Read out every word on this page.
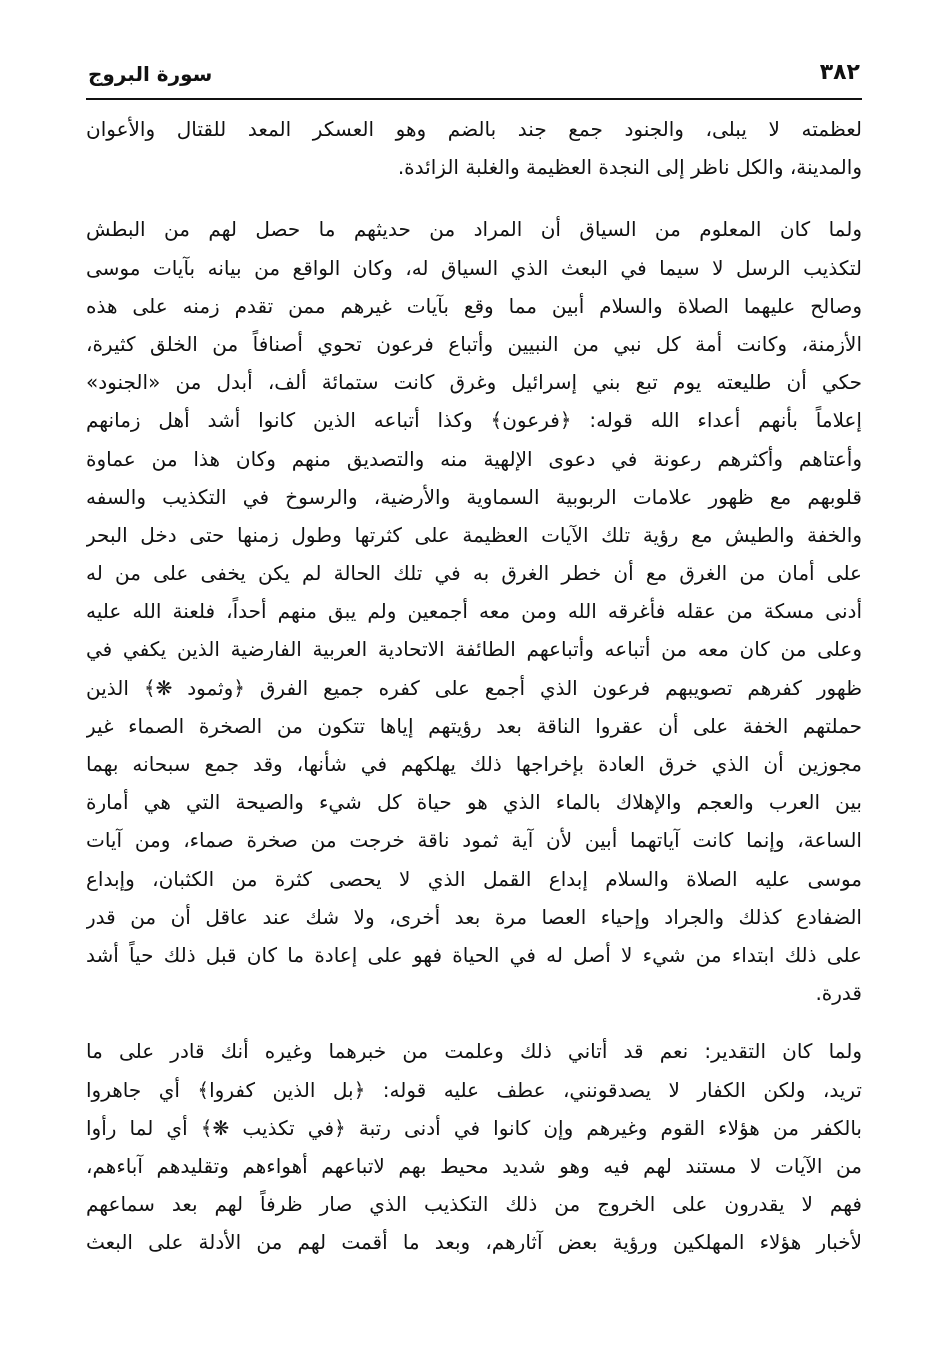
سورة البروج	٣٨٢
لعظمته لا يبلى، والجنود جمع جند بالضم وهو العسكر المعد للقتال والأعوان
والمدينة، والكل ناظر إلى النجدة العظيمة والغلبة الزائدة.
ولما كان المعلوم من السياق أن المراد من حديثهم ما حصل لهم من البطش
لتكذيب الرسل لا سيما في البعث الذي السياق له، وكان الواقع من بيانه بآيات موسى
وصالح عليهما الصلاة والسلام أبين مما وقع بآيات غيرهم ممن تقدم زمنه على هذه
الأزمنة، وكانت أمة كل نبي من النبيين وأتباع فرعون تحوي أصنافاً من الخلق كثيرة،
حكي أن طليعته يوم تبع بني إسرائيل وغرق كانت ستمائة ألف، أبدل من «الجنود»
إعلاماً بأنهم أعداء الله قوله: ﴿فرعون﴾ وكذا أتباعه الذين كانوا أشد أهل زمانهم
وأعتاهم وأكثرهم رعونة في دعوى الإلهية منه والتصديق منهم وكان هذا من عماوة
قلوبهم مع ظهور علامات الربوبية السماوية والأرضية، والرسوخ في التكذيب والسفه
والخفة والطيش مع رؤية تلك الآيات العظيمة على كثرتها وطول زمنها حتى دخل البحر
على أمان من الغرق مع أن خطر الغرق به في تلك الحالة لم يكن يخفى على من له
أدنى مسكة من عقله فأغرقه الله ومن معه أجمعين ولم يبق منهم أحداً، فلعنة الله عليه
وعلى من كان معه من أتباعه وأتباعهم الطائفة الاتحادية العربية الفارضية الذين يكفي في
ظهور كفرهم تصويبهم فرعون الذي أجمع على كفره جميع الفرق ﴿وثمود ❋﴾ الذين
حملتهم الخفة على أن عقروا الناقة بعد رؤيتهم إياها تتكون من الصخرة الصماء غير
مجوزين أن الذي خرق العادة بإخراجها ذلك يهلكهم في شأنها، وقد جمع سبحانه بهما
بين العرب والعجم والإهلاك بالماء الذي هو حياة كل شيء والصيحة التي هي أمارة
الساعة، وإنما كانت آياتهما أبين لأن آية ثمود ناقة خرجت من صخرة صماء، ومن آيات
موسى عليه الصلاة والسلام إبداع القمل الذي لا يحصى كثرة من الكثبان، وإبداع
الضفادع كذلك والجراد وإحياء العصا مرة بعد أخرى، ولا شك عند عاقل أن من قدر
على ذلك ابتداء من شيء لا أصل له في الحياة فهو على إعادة ما كان قبل ذلك حياً أشد
قدرة.
ولما كان التقدير: نعم قد أتاني ذلك وعلمت من خبرهما وغيره أنك قادر على ما
تريد، ولكن الكفار لا يصدقونني، عطف عليه قوله: ﴿بل الذين كفروا﴾ أي جاهروا
بالكفر من هؤلاء القوم وغيرهم وإن كانوا في أدنى رتبة ﴿في تكذيب ❋﴾ أي لما رأوا
من الآيات لا مستند لهم فيه وهو شديد محيط بهم لاتباعهم أهواءهم وتقليدهم آباءهم،
فهم لا يقدرون على الخروج من ذلك التكذيب الذي صار ظرفاً لهم بعد سماعهم
لأخبار هؤلاء المهلكين ورؤية بعض آثارهم، وبعد ما أقمت لهم من الأدلة على البعث
